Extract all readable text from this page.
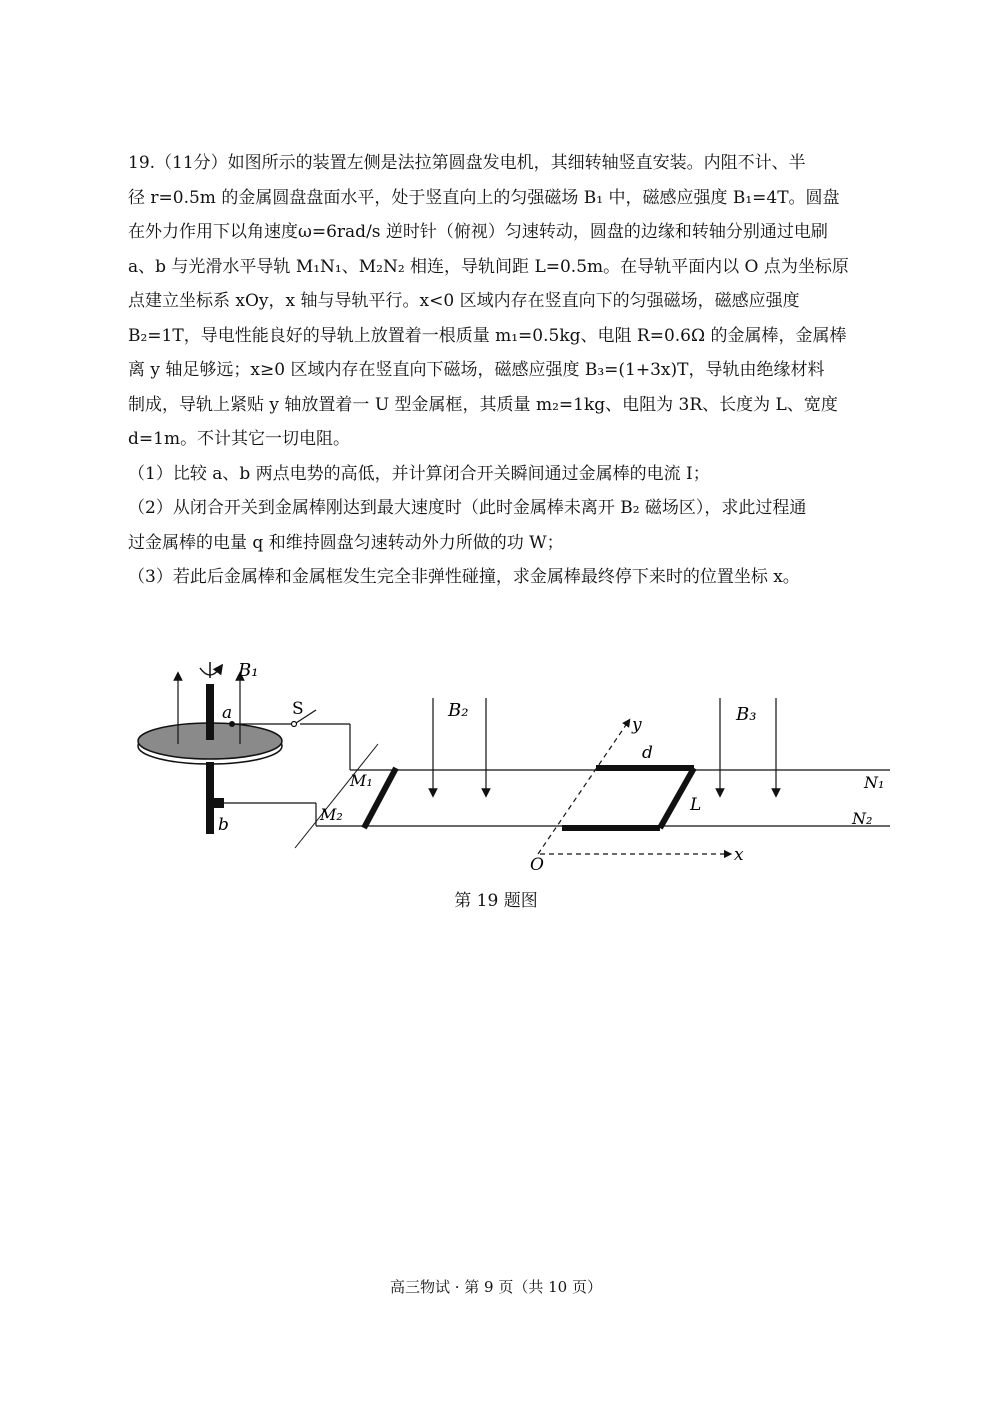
19.（11分）如图所示的装置左侧是法拉第圆盘发电机，其细转轴竖直安装。内阻不计、半
径 r=0.5m 的金属圆盘盘面水平，处于竖直向上的匀强磁场 B₁ 中，磁感应强度 B₁=4T。圆盘
在外力作用下以角速度ω=6rad/s 逆时针（俯视）匀速转动，圆盘的边缘和转轴分别通过电刷
a、b 与光滑水平导轨 M₁N₁、M₂N₂ 相连，导轨间距 L=0.5m。在导轨平面内以 O 点为坐标原
点建立坐标系 xOy，x 轴与导轨平行。x<0 区域内存在竖直向下的匀强磁场，磁感应强度
B₂=1T，导电性能良好的导轨上放置着一根质量 m₁=0.5kg、电阻 R=0.6Ω 的金属棒，金属棒
离 y 轴足够远；x≥0 区域内存在竖直向下磁场，磁感应强度 B₃=(1+3x)T，导轨由绝缘材料
制成，导轨上紧贴 y 轴放置着一 U 型金属框，其质量 m₂=1kg、电阻为 3R、长度为 L、宽度
d=1m。不计其它一切电阻。
（1）比较 a、b 两点电势的高低，并计算闭合开关瞬间通过金属棒的电流 I；
（2）从闭合开关到金属棒刚达到最大速度时（此时金属棒未离开 B₂ 磁场区），求此过程通
过金属棒的电量 q 和维持圆盘匀速转动外力所做的功 W；
（3）若此后金属棒和金属框发生完全非弹性碰撞，求金属棒最终停下来时的位置坐标 x。
B₁
a	S
b
M₁
M₂
N₁
N₂
B₂
y
x
O
d
L
B₃
第 19 题图
高三物试 · 第 9 页（共 10 页）
